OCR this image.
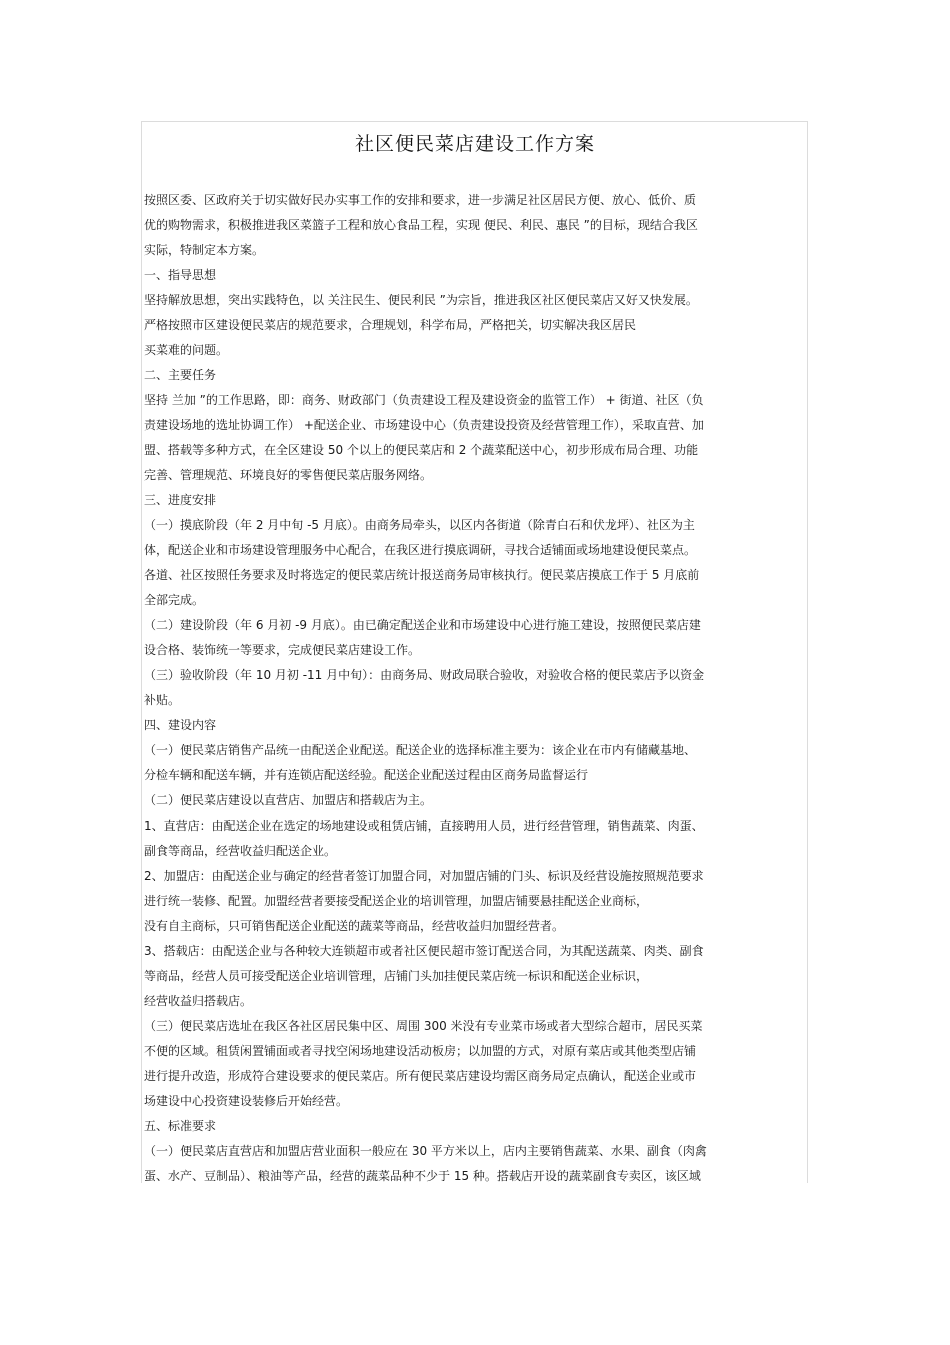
社区便民菜店建设工作方案
按照区委、区政府关于切实做好民办实事工作的安排和要求，进一步满足社区居民方便、放心、低价、质
优的购物需求，积极推进我区菜篮子工程和放心食品工程，实现 便民、利民、惠民 ”的目标，现结合我区
实际，特制定本方案。
一、指导思想
坚持解放思想，突出实践特色，以 关注民生、便民利民 ”为宗旨，推进我区社区便民菜店又好又快发展。
严格按照市区建设便民菜店的规范要求，合理规划，科学布局，严格把关，切实解决我区居民
买菜难的问题。
二、主要任务
坚持 兰加 ”的工作思路，即：商务、财政部门（负责建设工程及建设资金的监管工作） + 街道、社区（负
责建设场地的选址协调工作） +配送企业、市场建设中心（负责建设投资及经营管理工作），采取直营、加
盟、搭载等多种方式，在全区建设 50 个以上的便民菜店和 2 个蔬菜配送中心，初步形成布局合理、功能
完善、管理规范、环境良好的零售便民菜店服务网络。
三、进度安排
（一）摸底阶段（年 2 月中旬 -5 月底）。由商务局牵头，以区内各街道（除青白石和伏龙坪）、社区为主
体，配送企业和市场建设管理服务中心配合，在我区进行摸底调研，寻找合适铺面或场地建设便民菜点。
各道、社区按照任务要求及时将选定的便民菜店统计报送商务局审核执行。便民菜店摸底工作于 5 月底前
全部完成。
（二）建设阶段（年 6 月初 -9 月底）。由已确定配送企业和市场建设中心进行施工建设，按照便民菜店建
设合格、装饰统一等要求，完成便民菜店建设工作。
（三）验收阶段（年 10 月初 -11 月中旬）：由商务局、财政局联合验收，对验收合格的便民菜店予以资金
补贴。
四、建设内容
（一）便民菜店销售产品统一由配送企业配送。配送企业的选择标准主要为：该企业在市内有储藏基地、
分检车辆和配送车辆，并有连锁店配送经验。配送企业配送过程由区商务局监督运行
（二）便民菜店建设以直营店、加盟店和搭载店为主。
1、直营店：由配送企业在选定的场地建设或租赁店铺，直接聘用人员，进行经营管理，销售蔬菜、肉蛋、
副食等商品，经营收益归配送企业。
2、加盟店：由配送企业与确定的经营者签订加盟合同，对加盟店铺的门头、标识及经营设施按照规范要求
进行统一装修、配置。加盟经营者要接受配送企业的培训管理，加盟店铺要悬挂配送企业商标，
没有自主商标，只可销售配送企业配送的蔬菜等商品，经营收益归加盟经营者。
3、搭载店：由配送企业与各种较大连锁超市或者社区便民超市签订配送合同，为其配送蔬菜、肉类、副食
等商品，经营人员可接受配送企业培训管理，店铺门头加挂便民菜店统一标识和配送企业标识，
经营收益归搭载店。
（三）便民菜店选址在我区各社区居民集中区、周围 300 米没有专业菜市场或者大型综合超市，居民买菜
不便的区域。租赁闲置铺面或者寻找空闲场地建设活动板房；以加盟的方式，对原有菜店或其他类型店铺
进行提升改造，形成符合建设要求的便民菜店。所有便民菜店建设均需区商务局定点确认，配送企业或市
场建设中心投资建设装修后开始经营。
五、标准要求
（一）便民菜店直营店和加盟店营业面积一般应在 30 平方米以上，店内主要销售蔬菜、水果、副食（肉禽
蛋、水产、豆制品）、粮油等产品，经营的蔬菜品种不少于 15 种。搭载店开设的蔬菜副食专卖区，该区域
